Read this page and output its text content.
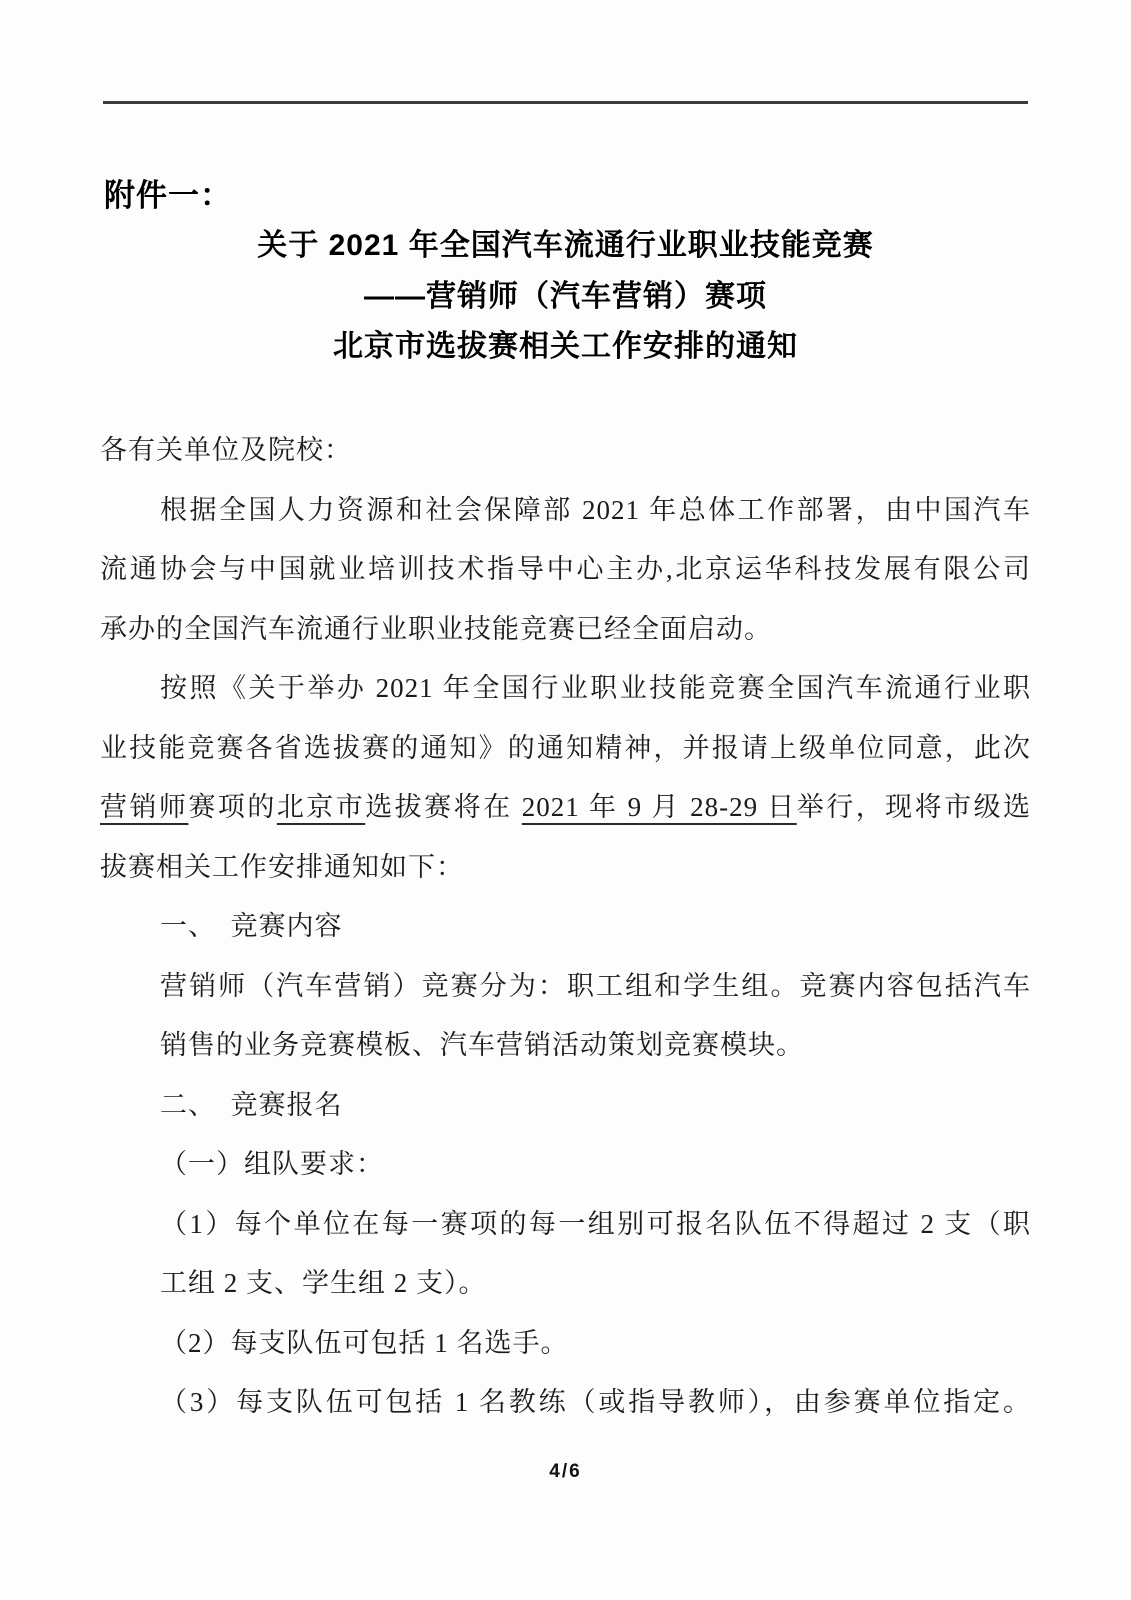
附件一：
关于 2021 年全国汽车流通行业职业技能竞赛
——营销师（汽车营销）赛项
北京市选拔赛相关工作安排的通知
各有关单位及院校：
根据全国人力资源和社会保障部 2021 年总体工作部署，由中国汽车
流通协会与中国就业培训技术指导中心主办,北京运华科技发展有限公司
承办的全国汽车流通行业职业技能竞赛已经全面启动。
按照《关于举办 2021 年全国行业职业技能竞赛全国汽车流通行业职
业技能竞赛各省选拔赛的通知》的通知精神，并报请上级单位同意，此次
营销师赛项的北京市选拔赛将在 2021 年 9 月 28-29 日举行，现将市级选
拔赛相关工作安排通知如下：
一、　竞赛内容
营销师（汽车营销）竞赛分为：职工组和学生组。竞赛内容包括汽车
销售的业务竞赛模板、汽车营销活动策划竞赛模块。
二、　竞赛报名
（一）组队要求：
（1）每个单位在每一赛项的每一组别可报名队伍不得超过 2 支（职
工组 2 支、学生组 2 支）。
（2）每支队伍可包括 1 名选手。
（3）每支队伍可包括 1 名教练（或指导教师），由参赛单位指定。
4/6
